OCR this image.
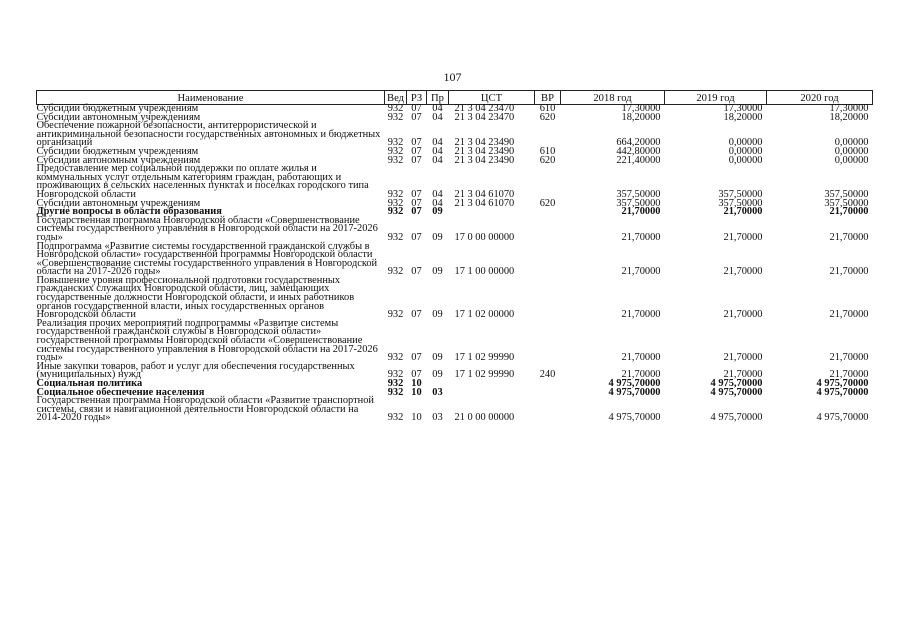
107
Наименование	Вед	РЗ	Пр	ЦСТ	ВР	2018 год	2019 год	2020 год
Субсидии бюджетным учреждениям	932	07	04	21 3 04 23470	610	17,30000	17,30000	17,30000
Субсидии автономным учреждениям	932	07	04	21 3 04 23470	620	18,20000	18,20000	18,20000
Обеспечение пожарной безопасности, антитеррористической и антикриминальной безопасности государственных автономных и бюджетных организаций	932	07	04	21 3 04 23490		664,20000	0,00000	0,00000
Субсидии бюджетным учреждениям	932	07	04	21 3 04 23490	610	442,80000	0,00000	0,00000
Субсидии автономным учреждениям	932	07	04	21 3 04 23490	620	221,40000	0,00000	0,00000
Предоставление мер социальной поддержки по оплате жилья и коммунальных услуг отдельным категориям граждан, работающих и проживающих в сельских населенных пунктах и поселках городского типа Новгородской области	932	07	04	21 3 04 61070		357,50000	357,50000	357,50000
Субсидии автономным учреждениям	932	07	04	21 3 04 61070	620	357,50000	357,50000	357,50000
Другие вопросы в области образования	932	07	09			21,70000	21,70000	21,70000
Государственная программа Новгородской области «Совершенствование системы государственного управления в Новгородской области на 2017-2026 годы»	932	07	09	17 0 00 00000		21,70000	21,70000	21,70000
Подпрограмма «Развитие системы государственной гражданской службы в Новгородской области» государственной программы Новгородской области «Совершенствование системы государственного управления в Новгородской области на 2017-2026 годы»	932	07	09	17 1 00 00000		21,70000	21,70000	21,70000
Повышение уровня профессиональной подготовки государственных гражданских служащих Новгородской области, лиц, замещающих государственные должности Новгородской области, и иных работников органов государственной власти, иных государственных органов Новгородской области	932	07	09	17 1 02 00000		21,70000	21,70000	21,70000
Реализация прочих мероприятий подпрограммы «Развитие системы государственной гражданской службы в Новгородской области» государственной программы Новгородской области «Совершенствование системы государственного управления в Новгородской области на 2017-2026 годы»	932	07	09	17 1 02 99990		21,70000	21,70000	21,70000
Иные закупки товаров, работ и услуг для обеспечения государственных (муниципальных) нужд	932	07	09	17 1 02 99990	240	21,70000	21,70000	21,70000
Социальная политика	932	10				4 975,70000	4 975,70000	4 975,70000
Социальное обеспечение населения	932	10	03			4 975,70000	4 975,70000	4 975,70000
Государственная программа Новгородской области «Развитие транспортной системы, связи и навигационной деятельности Новгородской области на 2014-2020 годы»	932	10	03	21 0 00 00000		4 975,70000	4 975,70000	4 975,70000
